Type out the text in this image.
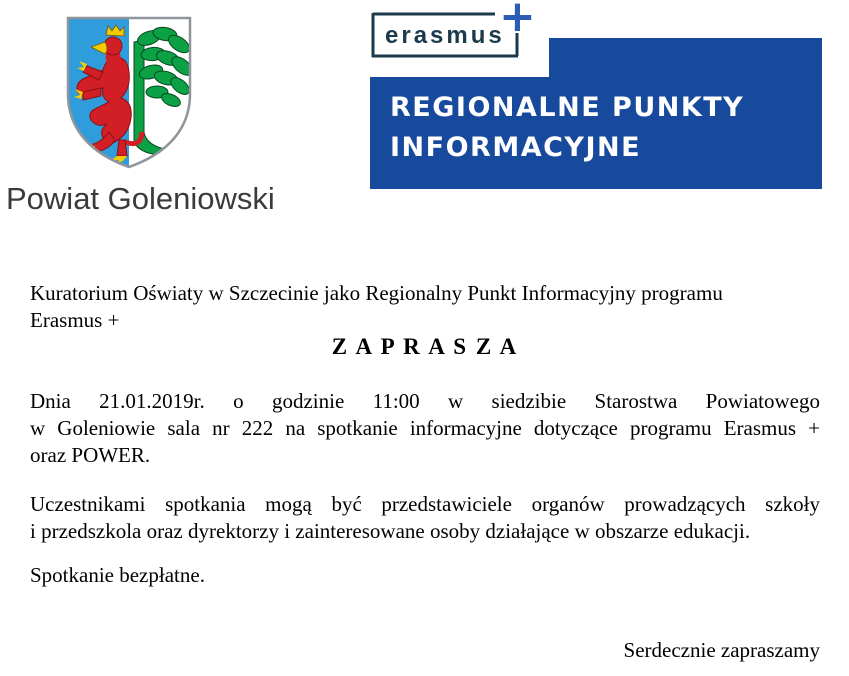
Powiat Goleniowski
erasmus
+
REGIONALNE PUNKTY
INFORMACYJNE
Kuratorium Oświaty w Szczecinie jako Regionalny Punkt Informacyjny programu
Erasmus +
Z A P R A S Z A
Dnia 21.01.2019r. o godzinie 11:00 w siedzibie Starostwa Powiatowego
w Goleniowie sala nr 222 na spotkanie informacyjne dotyczące programu Erasmus +
oraz POWER.
Uczestnikami spotkania mogą być przedstawiciele organów prowadzących szkoły
i przedszkola oraz dyrektorzy i zainteresowane osoby działające w obszarze edukacji.
Spotkanie bezpłatne.
Serdecznie zapraszamy
